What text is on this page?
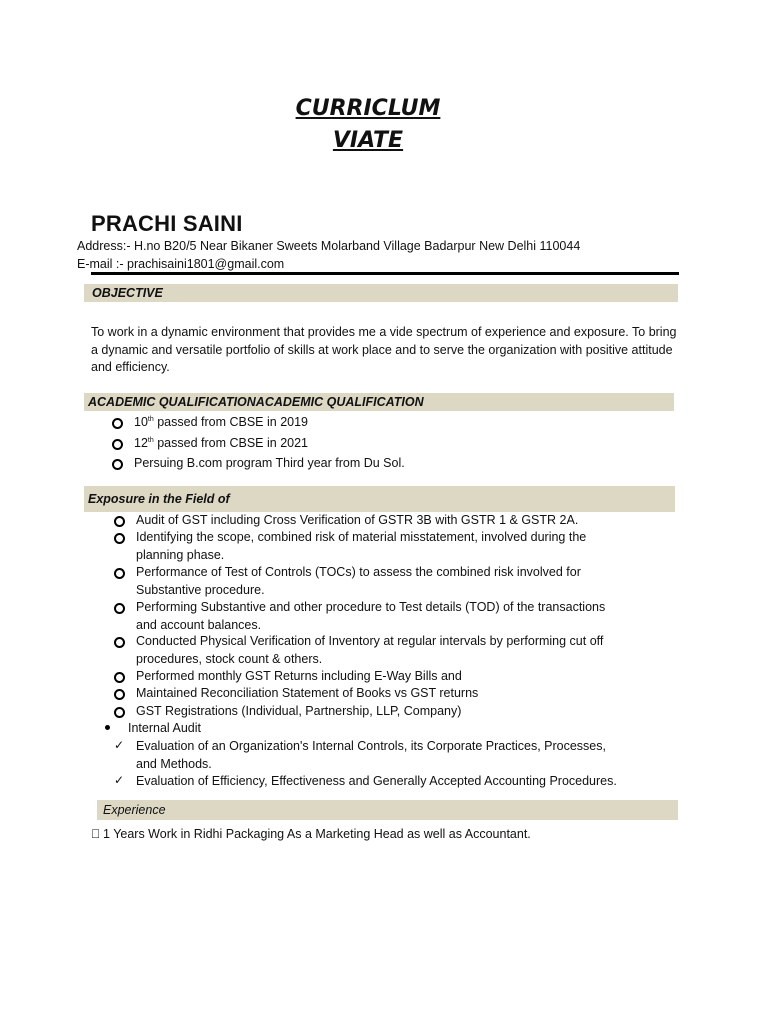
CURRICLUM
VIATE
PRACHI SAINI
Address:- H.no B20/5 Near Bikaner Sweets Molarband Village Badarpur New Delhi 110044
E-mail :- prachisaini1801@gmail.com
OBJECTIVE
To work in a dynamic environment that provides me a vide spectrum of experience and exposure. To bring a dynamic and versatile portfolio of skills at work place and to serve the organization with positive attitude and efficiency.
ACADEMIC QUALIFICATIONACADEMIC QUALIFICATION
10th passed from CBSE in 2019
12th passed from CBSE in 2021
Persuing B.com program Third year from Du Sol.
Exposure in the Field of
Audit of GST including Cross Verification of GSTR 3B with GSTR 1 & GSTR 2A.
Identifying the scope, combined risk of material misstatement, involved during the planning phase.
Performance of Test of Controls (TOCs) to assess the combined risk involved for Substantive procedure.
Performing Substantive and other procedure to Test details (TOD) of the transactions and account balances.
Conducted Physical Verification of Inventory at regular intervals by performing cut off procedures, stock count & others.
Performed monthly GST Returns including E-Way Bills and
Maintained Reconciliation Statement of Books vs GST returns
GST Registrations (Individual, Partnership, LLP, Company)
Internal Audit
✓ Evaluation of an Organization's Internal Controls, its Corporate Practices, Processes, and Methods.
✓ Evaluation of Efficiency, Effectiveness and Generally Accepted Accounting Procedures.
Experience
1 Years Work in Ridhi Packaging As a Marketing Head as well as Accountant.
